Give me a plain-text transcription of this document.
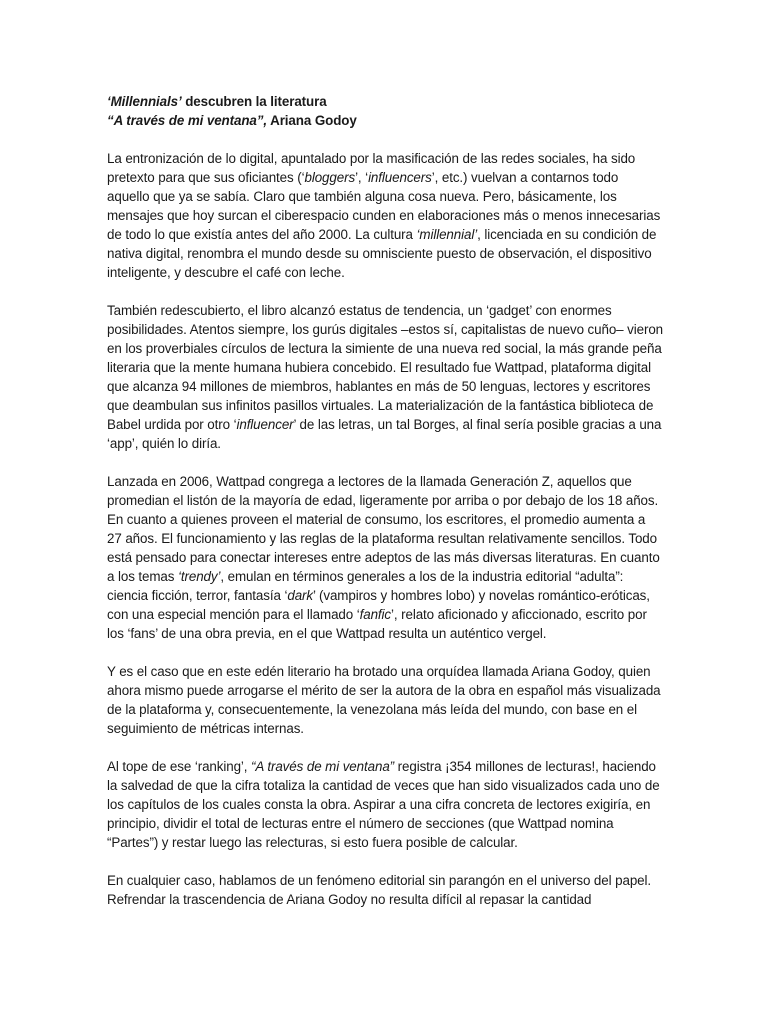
‘Millennials’ descubren la literatura
“A través de mi ventana”, Ariana Godoy

La entronización de lo digital, apuntalado por la masificación de las redes sociales, ha sido pretexto para que sus oficiantes (‘bloggers’, ‘influencers’, etc.) vuelvan a contarnos todo aquello que ya se sabía. Claro que también alguna cosa nueva. Pero, básicamente, los mensajes que hoy surcan el ciberespacio cunden en elaboraciones más o menos innecesarias de todo lo que existía antes del año 2000. La cultura ‘millennial’, licenciada en su condición de nativa digital, renombra el mundo desde su omnisciente puesto de observación, el dispositivo inteligente, y descubre el café con leche.

También redescubierto, el libro alcanzó estatus de tendencia, un ‘gadget’ con enormes posibilidades. Atentos siempre, los gurús digitales –estos sí, capitalistas de nuevo cuño– vieron en los proverbiales círculos de lectura la simiente de una nueva red social, la más grande peña literaria que la mente humana hubiera concebido. El resultado fue Wattpad, plataforma digital que alcanza 94 millones de miembros, hablantes en más de 50 lenguas, lectores y escritores que deambulan sus infinitos pasillos virtuales. La materialización de la fantástica biblioteca de Babel urdida por otro ‘influencer’ de las letras, un tal Borges, al final sería posible gracias a una ‘app’, quién lo diría.

Lanzada en 2006, Wattpad congrega a lectores de la llamada Generación Z, aquellos que promedian el listón de la mayoría de edad, ligeramente por arriba o por debajo de los 18 años. En cuanto a quienes proveen el material de consumo, los escritores, el promedio aumenta a 27 años. El funcionamiento y las reglas de la plataforma resultan relativamente sencillos. Todo está pensado para conectar intereses entre adeptos de las más diversas literaturas. En cuanto a los temas ‘trendy’, emulan en términos generales a los de la industria editorial “adulta”: ciencia ficción, terror, fantasía ‘dark’ (vampiros y hombres lobo) y novelas romántico-eróticas, con una especial mención para el llamado ‘fanfic’, relato aficionado y aficcionado, escrito por los ‘fans’ de una obra previa, en el que Wattpad resulta un auténtico vergel.

Y es el caso que en este edén literario ha brotado una orquídea llamada Ariana Godoy, quien ahora mismo puede arrogarse el mérito de ser la autora de la obra en español más visualizada de la plataforma y, consecuentemente, la venezolana más leída del mundo, con base en el seguimiento de métricas internas.

Al tope de ese ‘ranking’, “A través de mi ventana” registra ¡354 millones de lecturas!, haciendo la salvedad de que la cifra totaliza la cantidad de veces que han sido visualizados cada uno de los capítulos de los cuales consta la obra. Aspirar a una cifra concreta de lectores exigiría, en principio, dividir el total de lecturas entre el número de secciones (que Wattpad nomina “Partes”) y restar luego las relecturas, si esto fuera posible de calcular.

En cualquier caso, hablamos de un fenómeno editorial sin parangón en el universo del papel. Refrendar la trascendencia de Ariana Godoy no resulta difícil al repasar la cantidad
